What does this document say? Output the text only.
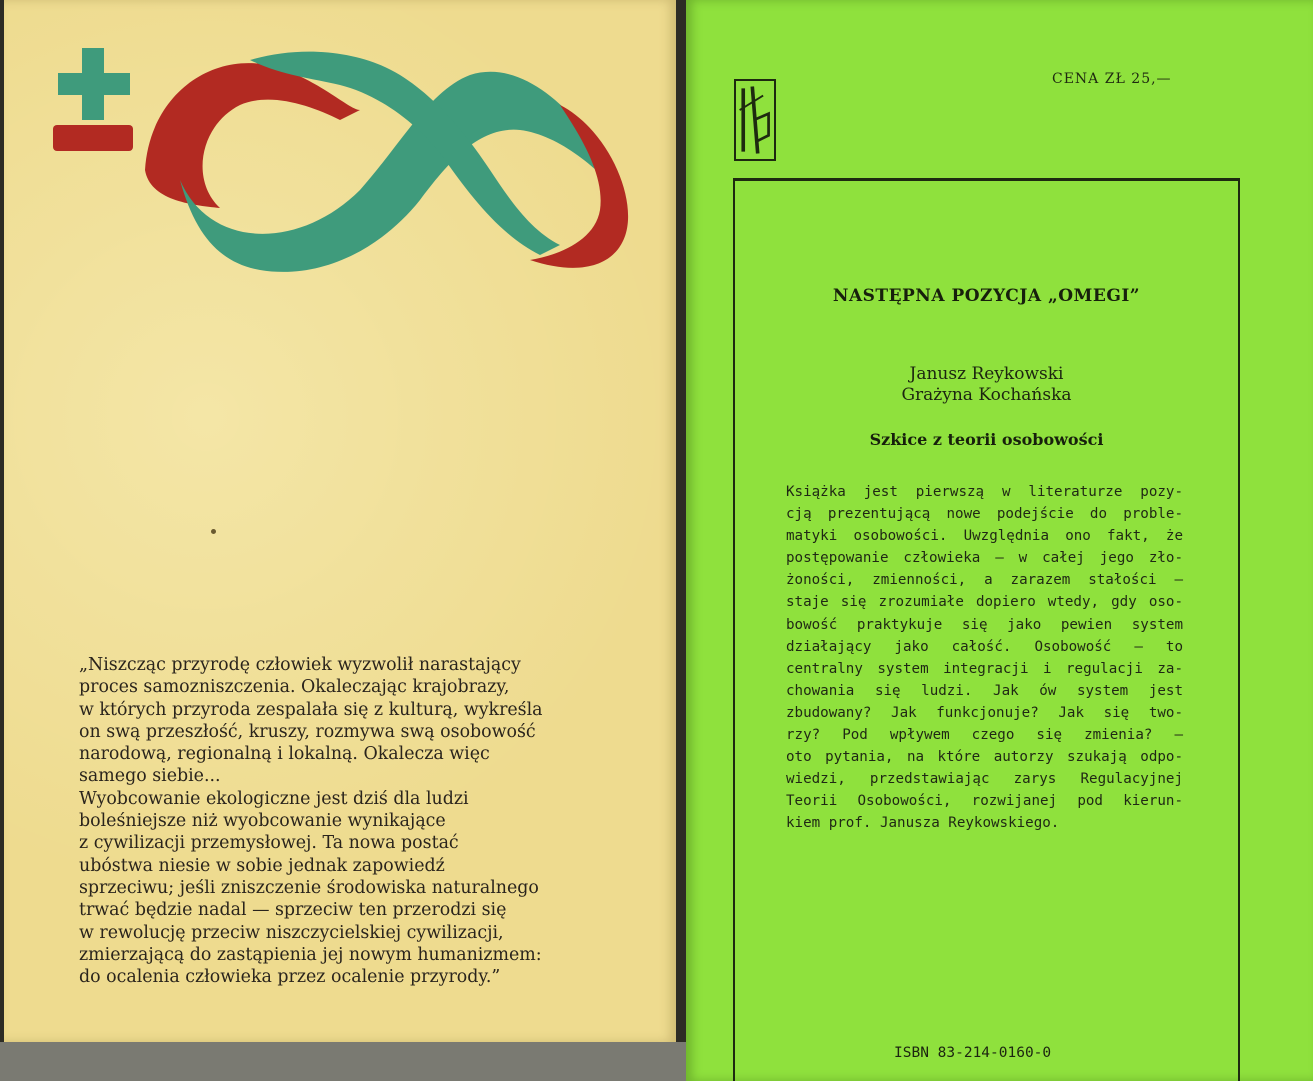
„Niszcząc przyrodę człowiek wyzwolił narastający
proces samozniszczenia. Okaleczając krajobrazy,
w których przyroda zespalała się z kulturą, wykreśla
on swą przeszłość, kruszy, rozmywa swą osobowość
narodową, regionalną i lokalną. Okalecza więc
samego siebie...
Wyobcowanie ekologiczne jest dziś dla ludzi
boleśniejsze niż wyobcowanie wynikające
z cywilizacji przemysłowej. Ta nowa postać
ubóstwa niesie w sobie jednak zapowiedź
sprzeciwu; jeśli zniszczenie środowiska naturalnego
trwać będzie nadal — sprzeciw ten przerodzi się
w rewolucję przeciw niszczycielskiej cywilizacji,
zmierzającą do zastąpienia jej nowym humanizmem:
do ocalenia człowieka przez ocalenie przyrody.”
CENA ZŁ 25,—
NASTĘPNA POZYCJA „OMEGI”
Janusz Reykowski
Grażyna Kochańska
Szkice z teorii osobowości
Książka jest pierwszą w literaturze pozy-
cją prezentującą nowe podejście do proble-
matyki osobowości. Uwzględnia ono fakt, że
postępowanie człowieka — w całej jego zło-
żoności, zmienności, a zarazem stałości —
staje się zrozumiałe dopiero wtedy, gdy oso-
bowość praktykuje się jako pewien system
działający jako całość. Osobowość — to
centralny system integracji i regulacji za-
chowania się ludzi. Jak ów system jest
zbudowany? Jak funkcjonuje? Jak się two-
rzy? Pod wpływem czego się zmienia? —
oto pytania, na które autorzy szukają odpo-
wiedzi, przedstawiając zarys Regulacyjnej
Teorii Osobowości, rozwijanej pod kierun-
kiem prof. Janusza Reykowskiego.
ISBN 83-214-0160-0
